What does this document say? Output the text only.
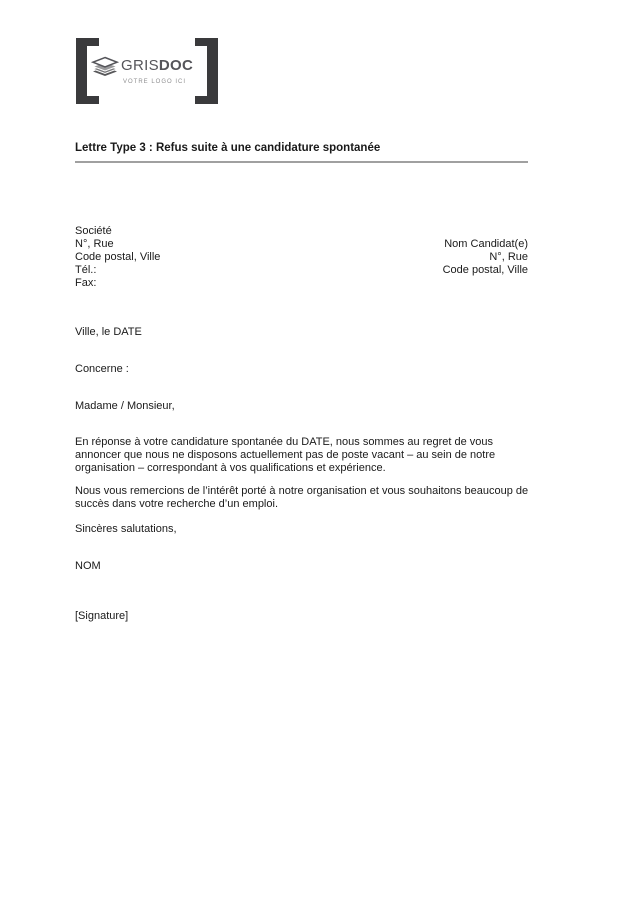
GRISDOC
VOTRE LOGO ICI
Lettre Type 3 : Refus suite à une candidature spontanée
Société
N°, Rue
Code postal, Ville
Tél.:
Fax:
Nom Candidat(e)
N°, Rue
Code postal, Ville
Ville, le DATE
Concerne :
Madame / Monsieur,

En réponse à votre candidature spontanée du DATE, nous sommes au regret de vous annoncer que nous ne disposons actuellement pas de poste vacant – au sein de notre organisation – correspondant à vos qualifications et expérience.

Nous vous remercions de l’intérêt porté à notre organisation et vous souhaitons beaucoup de succès dans votre recherche d’un emploi.

Sincères salutations,
NOM
[Signature]
